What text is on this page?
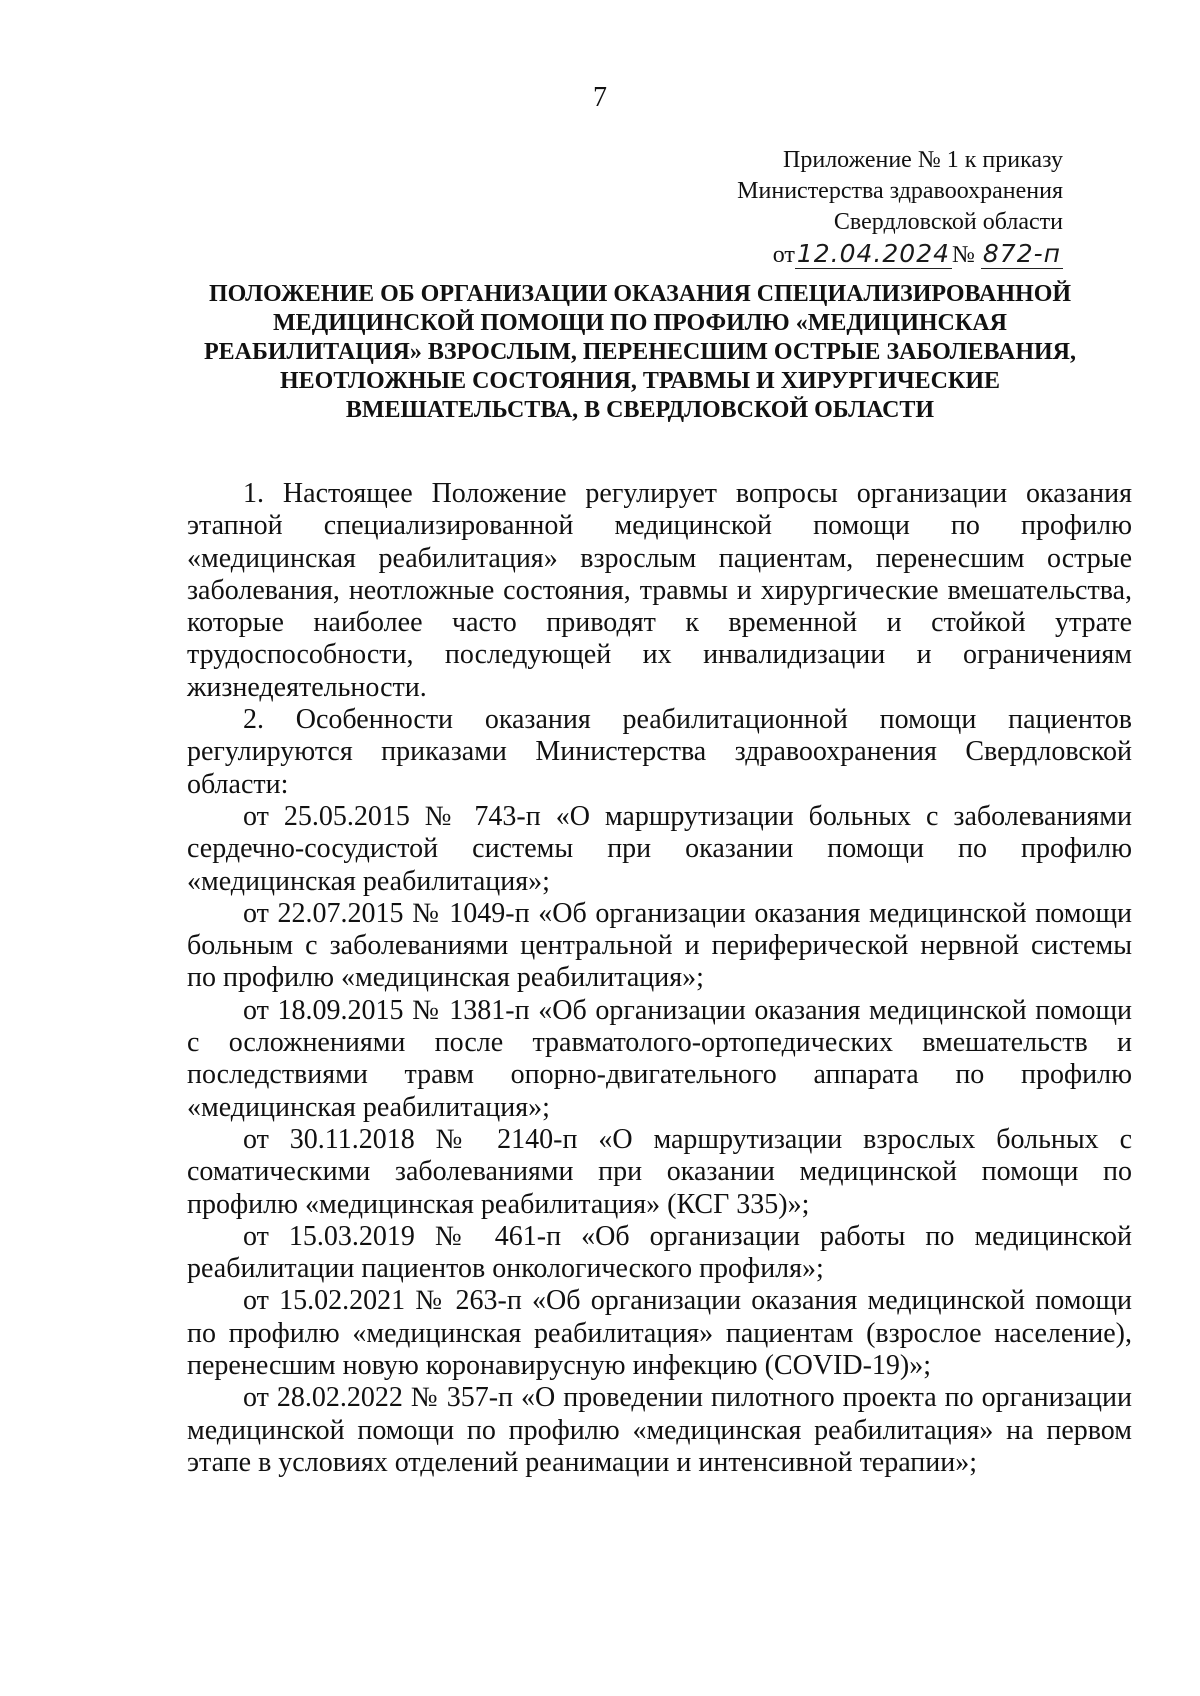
7
Приложение № 1 к приказу
Министерства здравоохранения
Свердловской области
от12.04.2024№ 872-п
ПОЛОЖЕНИЕ ОБ ОРГАНИЗАЦИИ ОКАЗАНИЯ СПЕЦИАЛИЗИРОВАННОЙ
МЕДИЦИНСКОЙ ПОМОЩИ ПО ПРОФИЛЮ «МЕДИЦИНСКАЯ
РЕАБИЛИТАЦИЯ» ВЗРОСЛЫМ, ПЕРЕНЕСШИМ ОСТРЫЕ ЗАБОЛЕВАНИЯ,
НЕОТЛОЖНЫЕ СОСТОЯНИЯ, ТРАВМЫ И ХИРУРГИЧЕСКИЕ
ВМЕШАТЕЛЬСТВА, В СВЕРДЛОВСКОЙ ОБЛАСТИ

1. Настоящее Положение регулирует вопросы организации оказания этапной специализированной медицинской помощи по профилю «медицинская реабилитация» взрослым пациентам, перенесшим острые заболевания, неотложные состояния, травмы и хирургические вмешательства, которые наиболее часто приводят к временной и стойкой утрате трудоспособности, последующей их инвалидизации и ограничениям жизнедеятельности.

2. Особенности оказания реабилитационной помощи пациентов регулируются приказами Министерства здравоохранения Свердловской области:

от 25.05.2015 № 743-п «О маршрутизации больных с заболеваниями сердечно-сосудистой системы при оказании помощи по профилю «медицинская реабилитация»;

от 22.07.2015 № 1049-п «Об организации оказания медицинской помощи больным с заболеваниями центральной и периферической нервной системы по профилю «медицинская реабилитация»;

от 18.09.2015 № 1381-п «Об организации оказания медицинской помощи с осложнениями после травматолого-ортопедических вмешательств и последствиями травм опорно-двигательного аппарата по профилю «медицинская реабилитация»;

от 30.11.2018 № 2140-п «О маршрутизации взрослых больных с соматическими заболеваниями при оказании медицинской помощи по профилю «медицинская реабилитация» (КСГ 335)»;

от 15.03.2019 № 461-п «Об организации работы по медицинской реабилитации пациентов онкологического профиля»;

от 15.02.2021 № 263-п «Об организации оказания медицинской помощи по профилю «медицинская реабилитация» пациентам (взрослое население), перенесшим новую коронавирусную инфекцию (COVID-19)»;

от 28.02.2022 № 357-п «О проведении пилотного проекта по организации медицинской помощи по профилю «медицинская реабилитация» на первом этапе в условиях отделений реанимации и интенсивной терапии»;
